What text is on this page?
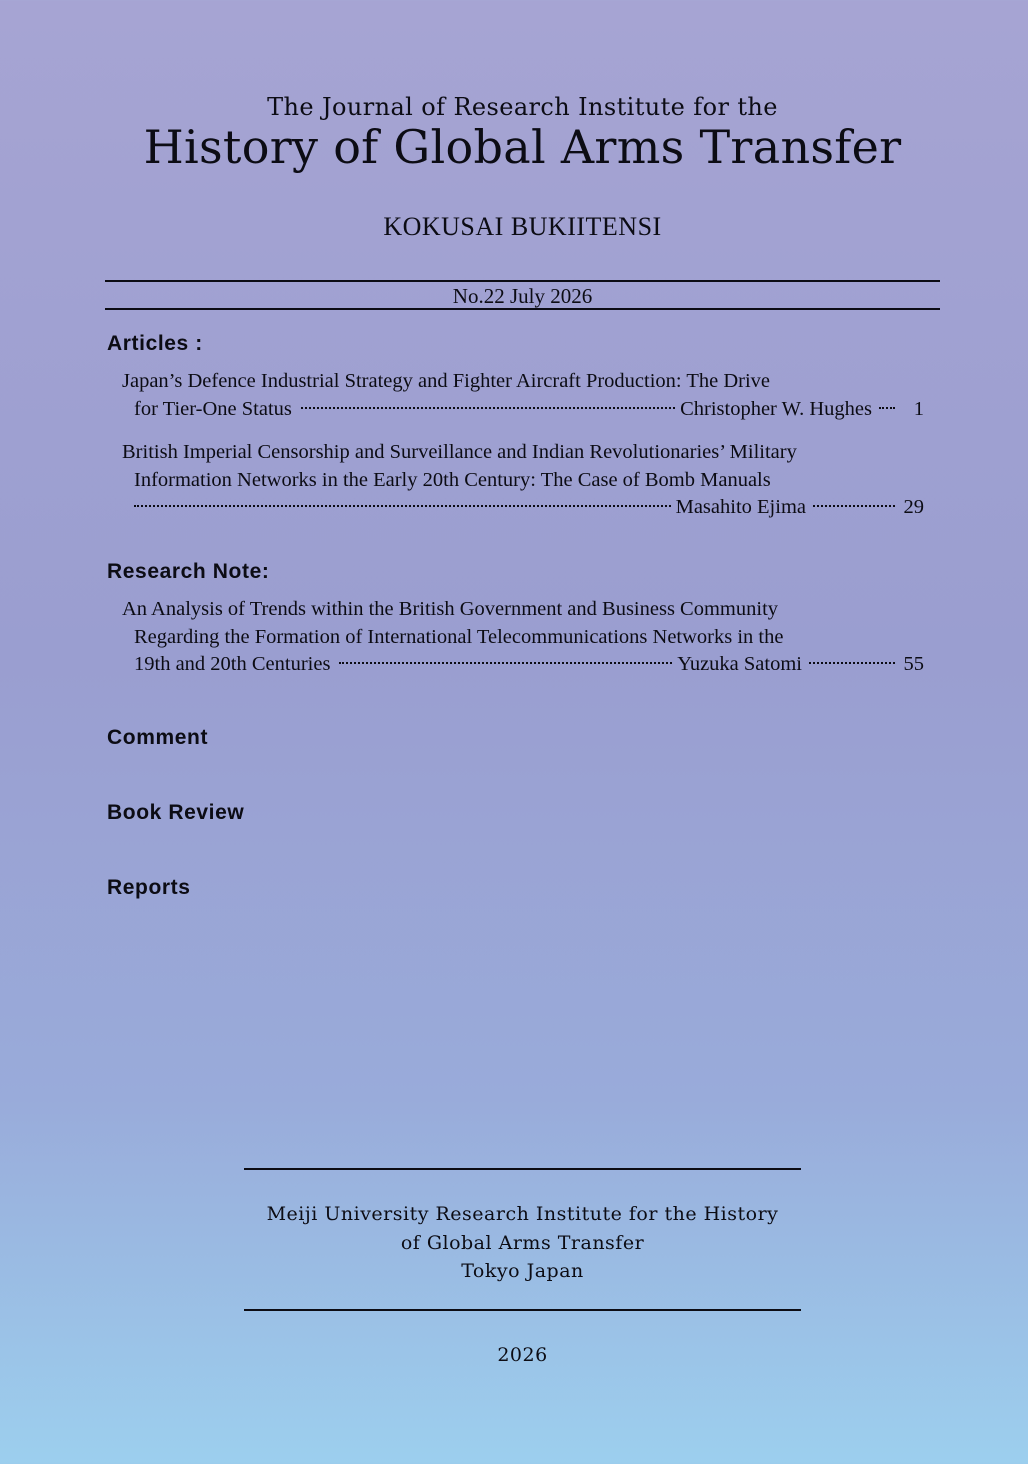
The Journal of Research Institute for the
History of Global Arms Transfer
KOKUSAI BUKIITENSI
No.22 July 2026
Articles :
Japan’s Defence Industrial Strategy and Fighter Aircraft Production: The Drive
for Tier-One Status	Christopher W. Hughes	1
British Imperial Censorship and Surveillance and Indian Revolutionaries’ Military
Information Networks in the Early 20th Century: The Case of Bomb Manuals
Masahito Ejima	29
Research Note:
An Analysis of Trends within the British Government and Business Community
Regarding the Formation of International Telecommunications Networks in the
19th and 20th Centuries	Yuzuka Satomi	55
Comment
Book Review
Reports
Meiji University Research Institute for the History
of Global Arms Transfer
Tokyo Japan
2026
